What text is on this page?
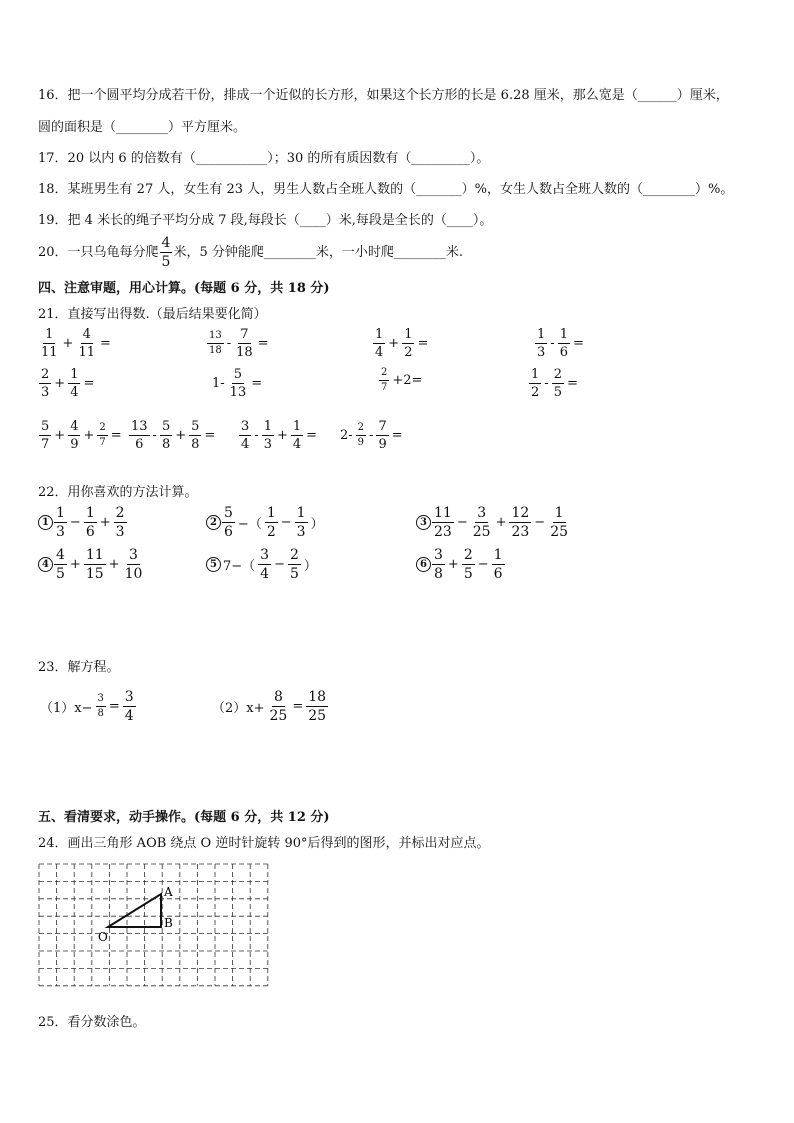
16．把一个圆平均分成若干份，排成一个近似的长方形，如果这个长方形的长是 6.28 厘米，那么宽是（______）厘米，
圆的面积是（________）平方厘米。
17．20 以内 6 的倍数有（___________）；30 的所有质因数有（_________）。
18．某班男生有 27 人，女生有 23 人，男生人数占全班人数的（_______）%，女生人数占全班人数的（________）%。
19．把 4 米长的绳子平均分成 7 段,每段长（____）米,每段是全长的（____）。
20．一只乌龟每分爬 $\frac{4}{5}$ 米，5 分钟能爬________米，一小时爬________米.
四、注意审题，用心计算。(每题 6 分，共 18 分)
21．直接写出得数.（最后结果要化简）
$\frac{1}{11} + \frac{4}{11}$ =	$\frac{13}{18} - \frac{7}{18}$ =	$\frac{1}{4} + \frac{1}{2}$ =	$\frac{1}{3} - \frac{1}{6}$ =
$\frac{2}{3} + \frac{1}{4}$ =	$1- \frac{5}{13}$ =	$\frac{2}{7} +2=$	$\frac{1}{2} - \frac{2}{5}$ =
$\frac{5}{7} + \frac{4}{9} + \frac{2}{7} = \frac{13}{6} - \frac{5}{8} + \frac{5}{8} = \frac{3}{4} - \frac{1}{3} + \frac{1}{4} = 2- \frac{2}{9} - \frac{7}{9}$ =
22．用你喜欢的方法计算。
$1 \frac{1}{3} - \frac{1}{6} + \frac{2}{3}$	$2 \frac{5}{6}$ −（ $\frac{1}{2} - \frac{1}{3}$ ）	$3 \frac{11}{23} - \frac{3}{25} + \frac{12}{23} - \frac{1}{25}$
$4 \frac{4}{5} + \frac{11}{15} + \frac{3}{10}$	5 $7-( \frac{3}{4} - \frac{2}{5}$ ）	$6 \frac{3}{8} + \frac{2}{5} - \frac{1}{6}$
23．解方程。
$(1)x- \frac{3}{8} = \frac{3}{4}$	$(2)x+ \frac{8}{25} = \frac{18}{25}$
五、看清要求，动手操作。(每题 6 分，共 12 分)
24．画出三角形 AOB 绕点 O 逆时针旋转 90°后得到的图形，并标出对应点。
A
B
O
25．看分数涂色。
